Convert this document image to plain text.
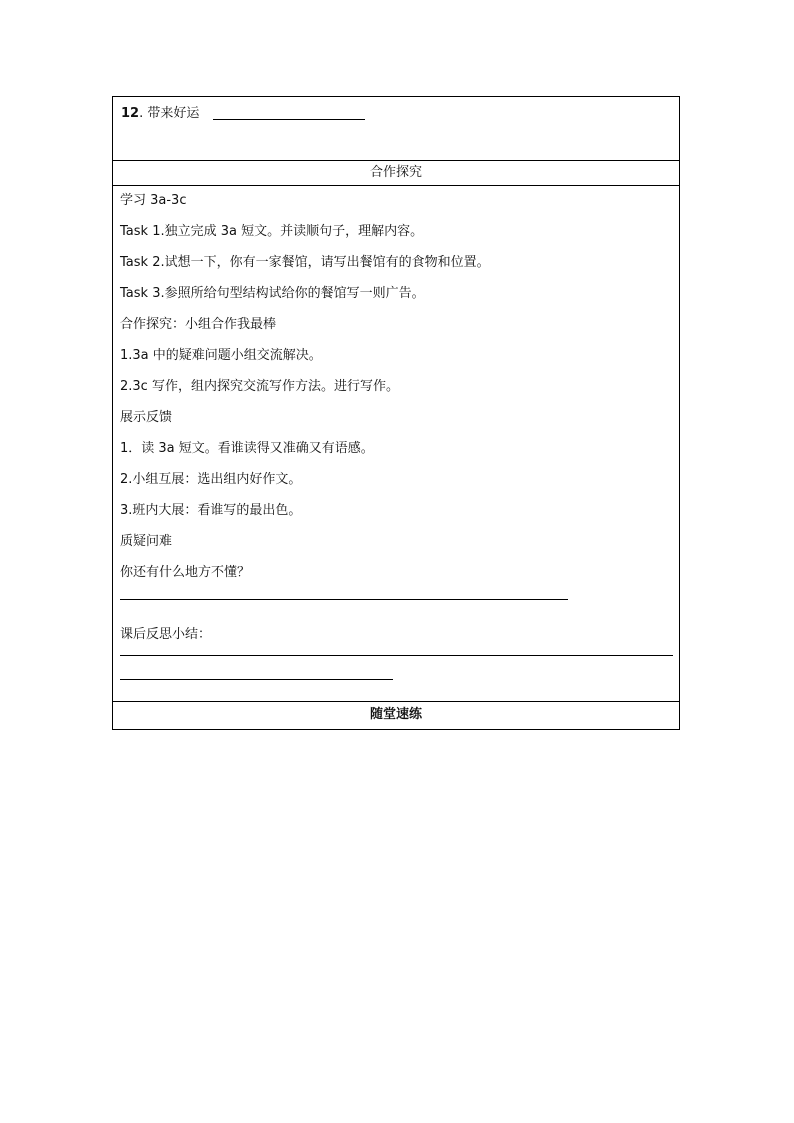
12. 带来好运
合作探究
学习 3a-3c
Task 1.独立完成 3a 短文。并读顺句子，理解内容。
Task 2.试想一下，你有一家餐馆，请写出餐馆有的食物和位置。
Task 3.参照所给句型结构试给你的餐馆写一则广告。
合作探究：小组合作我最棒
1.3a 中的疑难问题小组交流解决。
2.3c 写作，组内探究交流写作方法。进行写作。
展示反馈
1．读 3a 短文。看谁读得又准确又有语感。
2.小组互展：选出组内好作文。
3.班内大展：看谁写的最出色。
质疑问难
你还有什么地方不懂？
课后反思小结：
随堂速练
